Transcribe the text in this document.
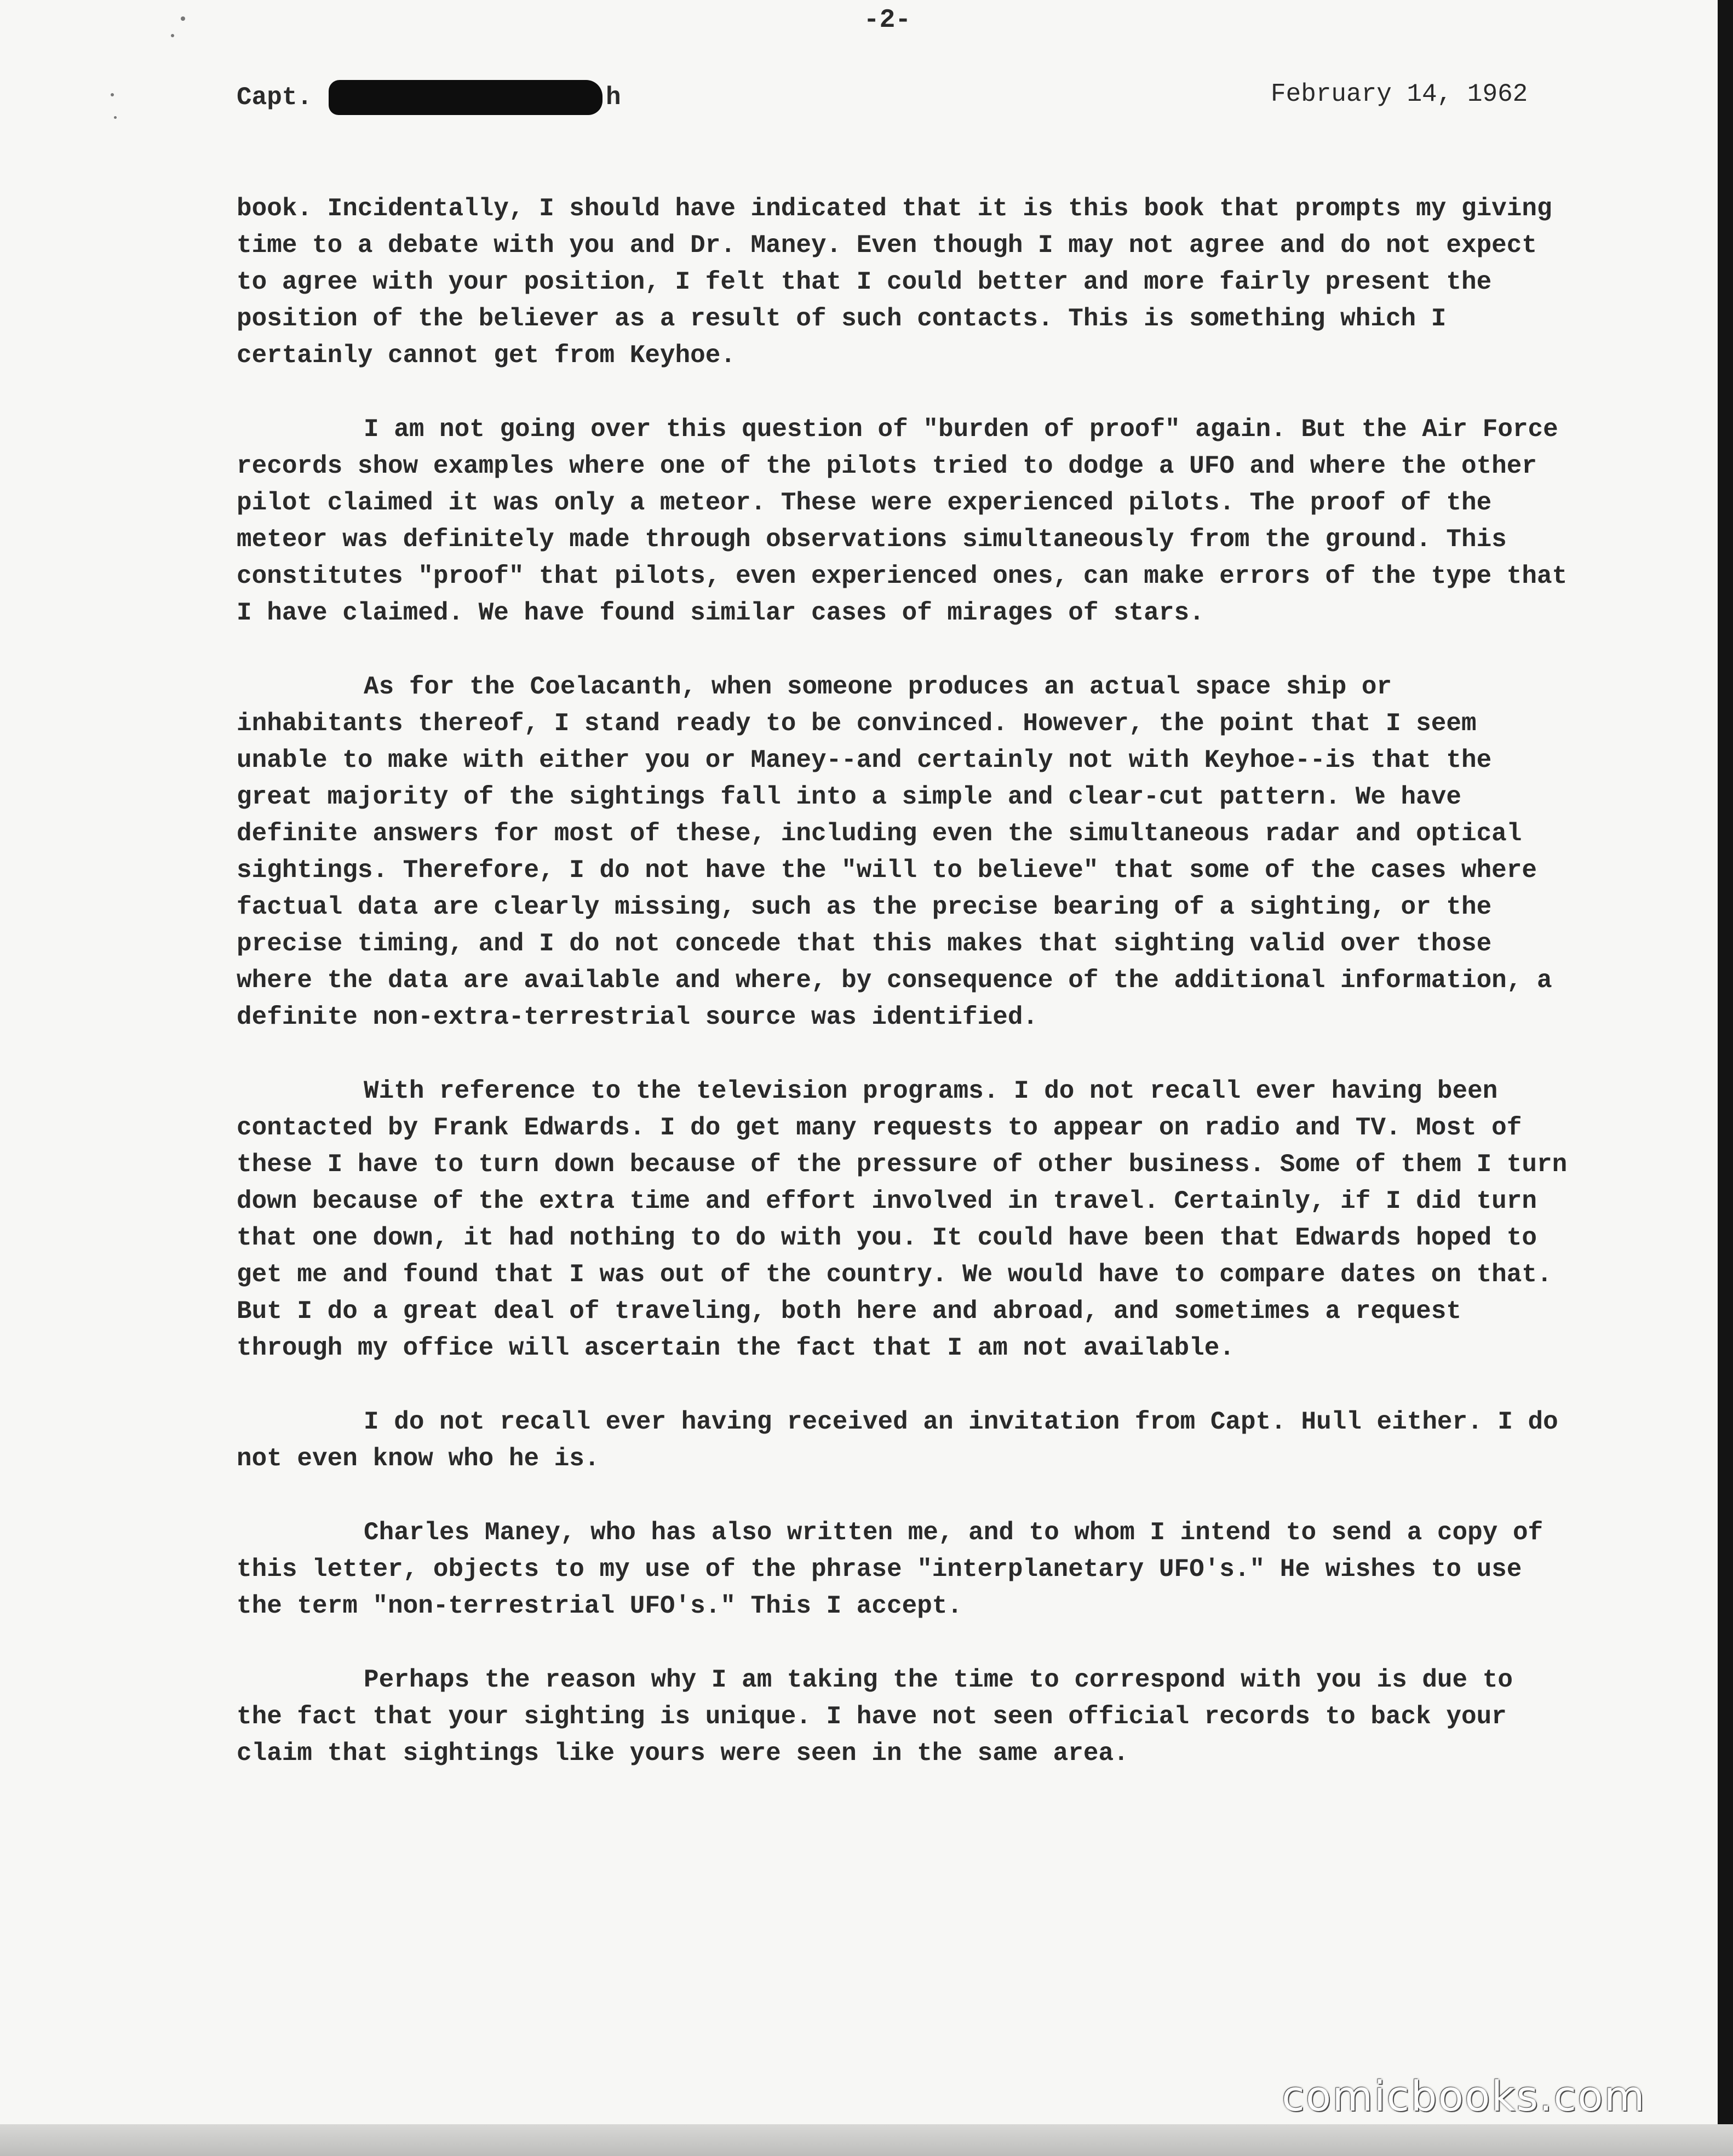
-2-
Capt.	h	February 14, 1962

book. Incidentally, I should have indicated that it is this book that prompts my giving time to a debate with you and Dr. Maney. Even though I may not agree and do not expect to agree with your position, I felt that I could better and more fairly present the position of the believer as a result of such contacts. This is something which I certainly cannot get from Keyhoe.

I am not going over this question of "burden of proof" again. But the Air Force records show examples where one of the pilots tried to dodge a UFO and where the other pilot claimed it was only a meteor. These were experienced pilots. The proof of the meteor was definitely made through observations simultaneously from the ground. This constitutes "proof" that pilots, even experienced ones, can make errors of the type that I have claimed. We have found similar cases of mirages of stars.

As for the Coelacanth, when someone produces an actual space ship or inhabitants thereof, I stand ready to be convinced. However, the point that I seem unable to make with either you or Maney--and certainly not with Keyhoe--is that the great majority of the sightings fall into a simple and clear-cut pattern. We have definite answers for most of these, including even the simultaneous radar and optical sightings. Therefore, I do not have the "will to believe" that some of the cases where factual data are clearly missing, such as the precise bearing of a sighting, or the precise timing, and I do not concede that this makes that sighting valid over those where the data are available and where, by consequence of the additional information, a definite non-extra-terrestrial source was identified.

With reference to the television programs. I do not recall ever having been contacted by Frank Edwards. I do get many requests to appear on radio and TV. Most of these I have to turn down because of the pressure of other business. Some of them I turn down because of the extra time and effort involved in travel. Certainly, if I did turn that one down, it had nothing to do with you. It could have been that Edwards hoped to get me and found that I was out of the country. We would have to compare dates on that. But I do a great deal of traveling, both here and abroad, and sometimes a request through my office will ascertain the fact that I am not available.

I do not recall ever having received an invitation from Capt. Hull either. I do not even know who he is.

Charles Maney, who has also written me, and to whom I intend to send a copy of this letter, objects to my use of the phrase "interplanetary UFO's." He wishes to use the term "non-terrestrial UFO's." This I accept.

Perhaps the reason why I am taking the time to correspond with you is due to the fact that your sighting is unique. I have not seen official records to back your claim that sightings like yours were seen in the same area.

comicbooks.com
